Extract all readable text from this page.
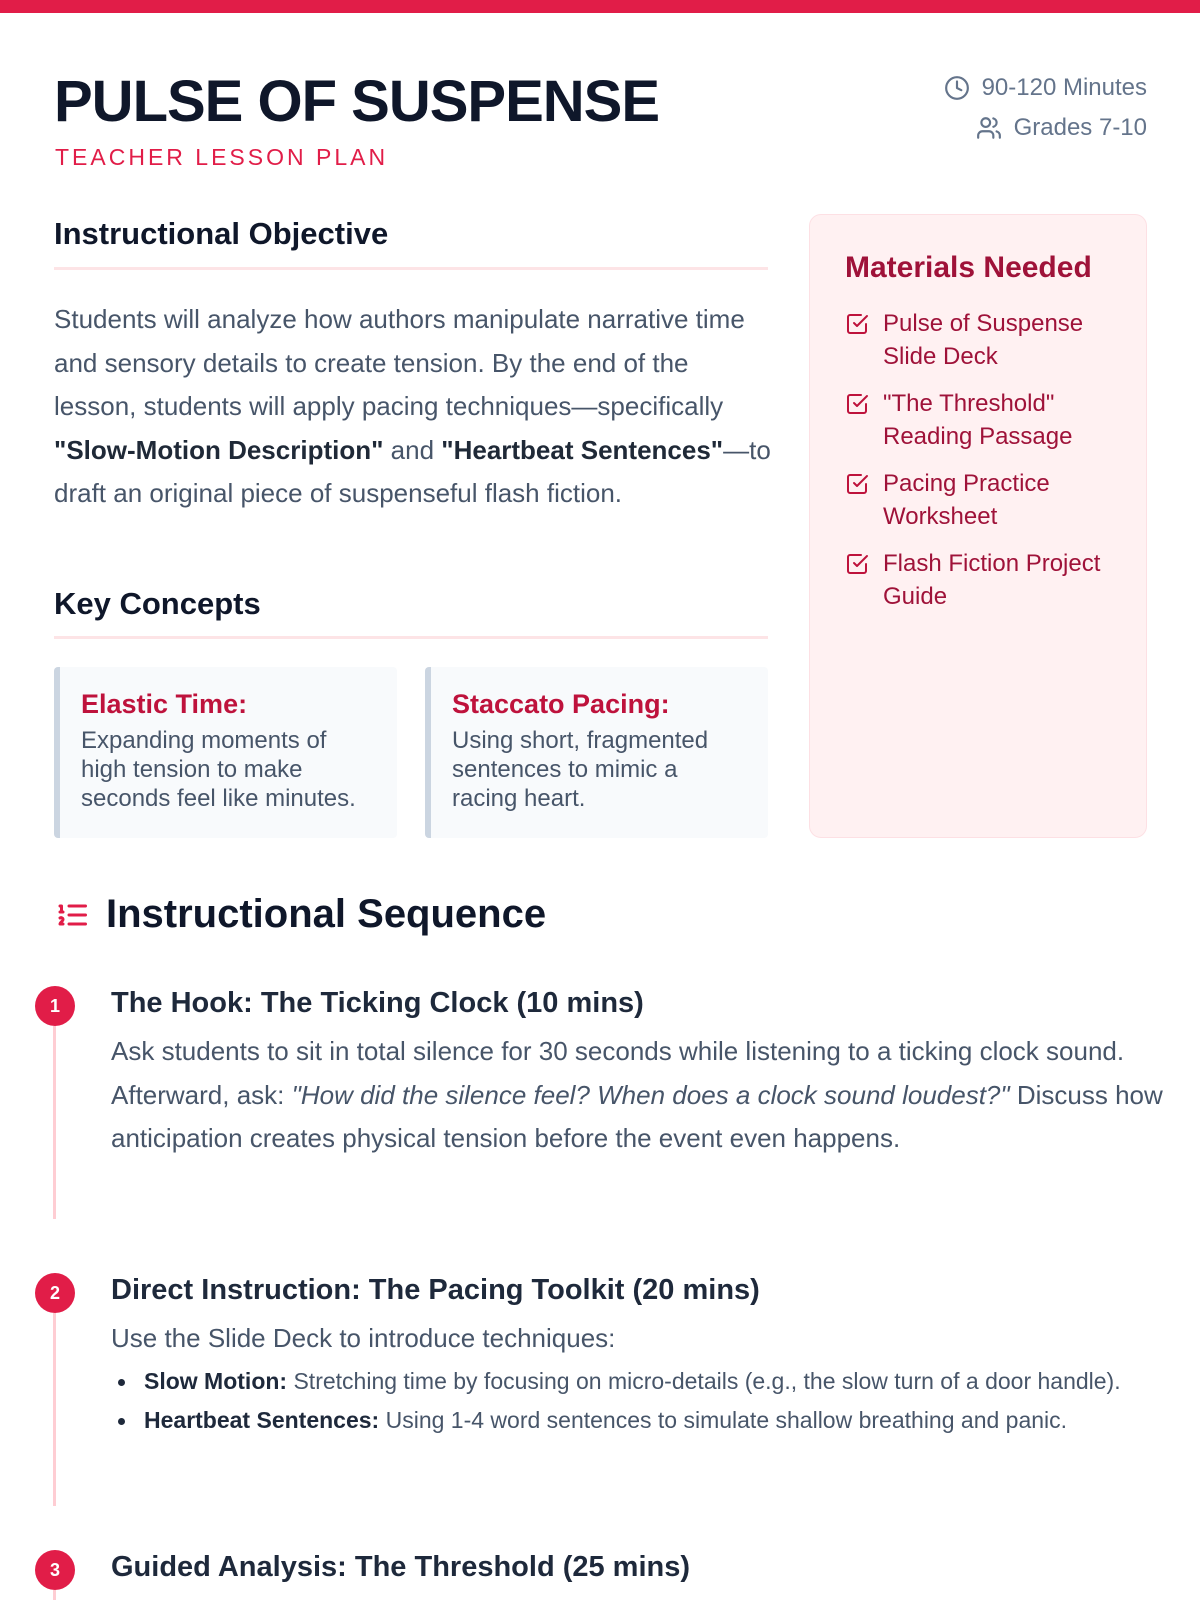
PULSE OF SUSPENSE
TEACHER LESSON PLAN
90-120 Minutes
Grades 7-10
Instructional Objective

Students will analyze how authors manipulate narrative time and sensory details to create tension. By the end of the lesson, students will apply pacing techniques—specifically "Slow-Motion Description" and "Heartbeat Sentences"—to draft an original piece of suspenseful flash fiction.

Key Concepts
Elastic Time:
Expanding moments of high tension to make seconds feel like minutes.
Staccato Pacing:
Using short, fragmented sentences to mimic a racing heart.
Materials Needed
Pulse of Suspense Slide Deck
"The Threshold" Reading Passage
Pacing Practice Worksheet
Flash Fiction Project Guide
Instructional Sequence
1	The Hook: The Ticking Clock (10 mins)

Ask students to sit in total silence for 30 seconds while listening to a ticking clock sound. Afterward, ask: "How did the silence feel? When does a clock sound loudest?" Discuss how anticipation creates physical tension before the event even happens.

2	Direct Instruction: The Pacing Toolkit (20 mins)

Use the Slide Deck to introduce techniques:

Slow Motion: Stretching time by focusing on micro-details (e.g., the slow turn of a door handle).
Heartbeat Sentences: Using 1-4 word sentences to simulate shallow breathing and panic.
3	Guided Analysis: The Threshold (25 mins)
